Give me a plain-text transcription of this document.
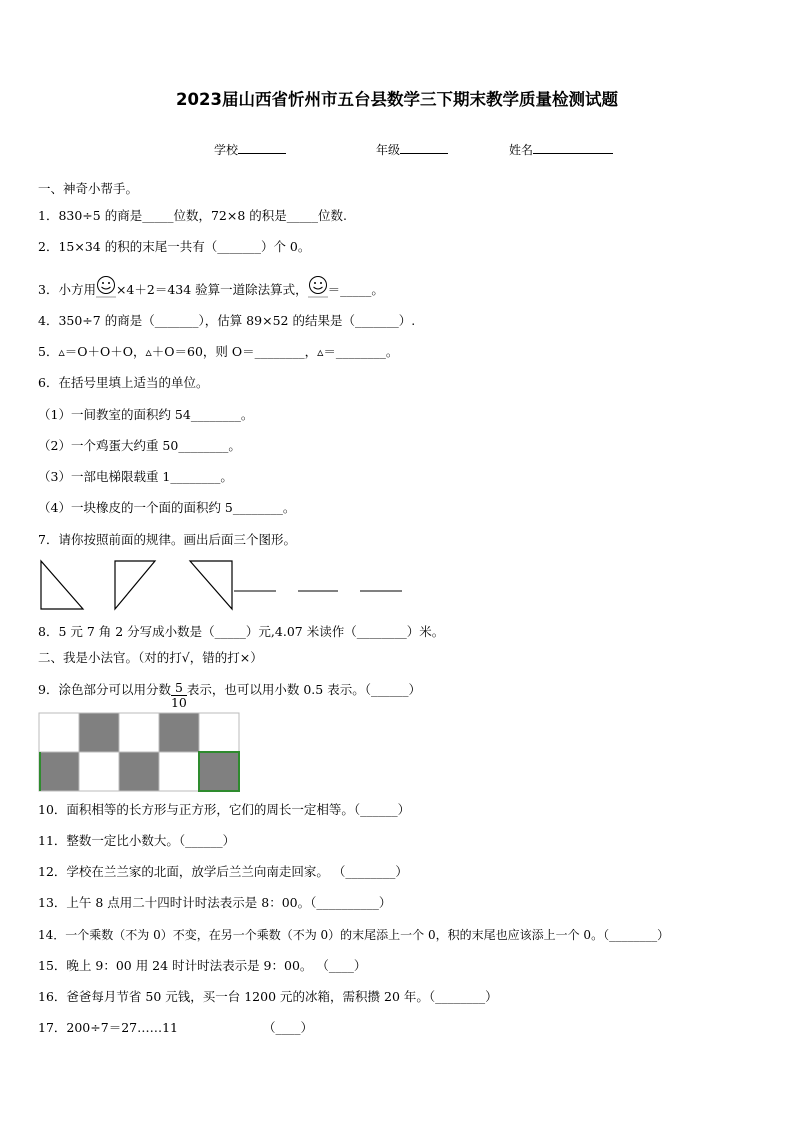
2023届山西省忻州市五台县数学三下期末教学质量检测试题
学校	年级	姓名
一、神奇小帮手。
1．830÷5 的商是_____位数，72×8 的积是_____位数.
2．15×34 的积的末尾一共有（_______）个 0。
3．小方用 ×4＋2＝434 验算一道除法算式， ＝_____。
4．350÷7 的商是（_______），估算 89×52 的结果是（_______）.
5．▵＝O＋O＋O，▵＋O＝60，则 O＝________，▵＝________。
6．在括号里填上适当的单位。
（1）一间教室的面积约 54________。
（2）一个鸡蛋大约重 50________。
（3）一部电梯限载重 1________。
（4）一块橡皮的一个面的面积约 5________。
7．请你按照前面的规律。画出后面三个图形。
8．5 元 7 角 2 分写成小数是（_____）元,4.07 米读作（________）米。
二、我是小法官。（对的打√，错的打×）
9．涂色部分可以用分数 $\frac{5}{10}$ 表示，也可以用小数 0.5 表示。（______）
10．面积相等的长方形与正方形，它们的周长一定相等。（______）
11．整数一定比小数大。（______）
12．学校在兰兰家的北面，放学后兰兰向南走回家。 （________）
13．上午 8 点用二十四时计时法表示是 8：00。（__________）
14．一个乘数（不为 0）不变，在另一个乘数（不为 0）的末尾添上一个 0，积的末尾也应该添上一个 0。（________）
15．晚上 9：00 用 24 时计时法表示是 9：00。 （____）
16．爸爸每月节省 50 元钱，买一台 1200 元的冰箱，需积攒 20 年。（________）
17．200÷7＝27……11	（____）
